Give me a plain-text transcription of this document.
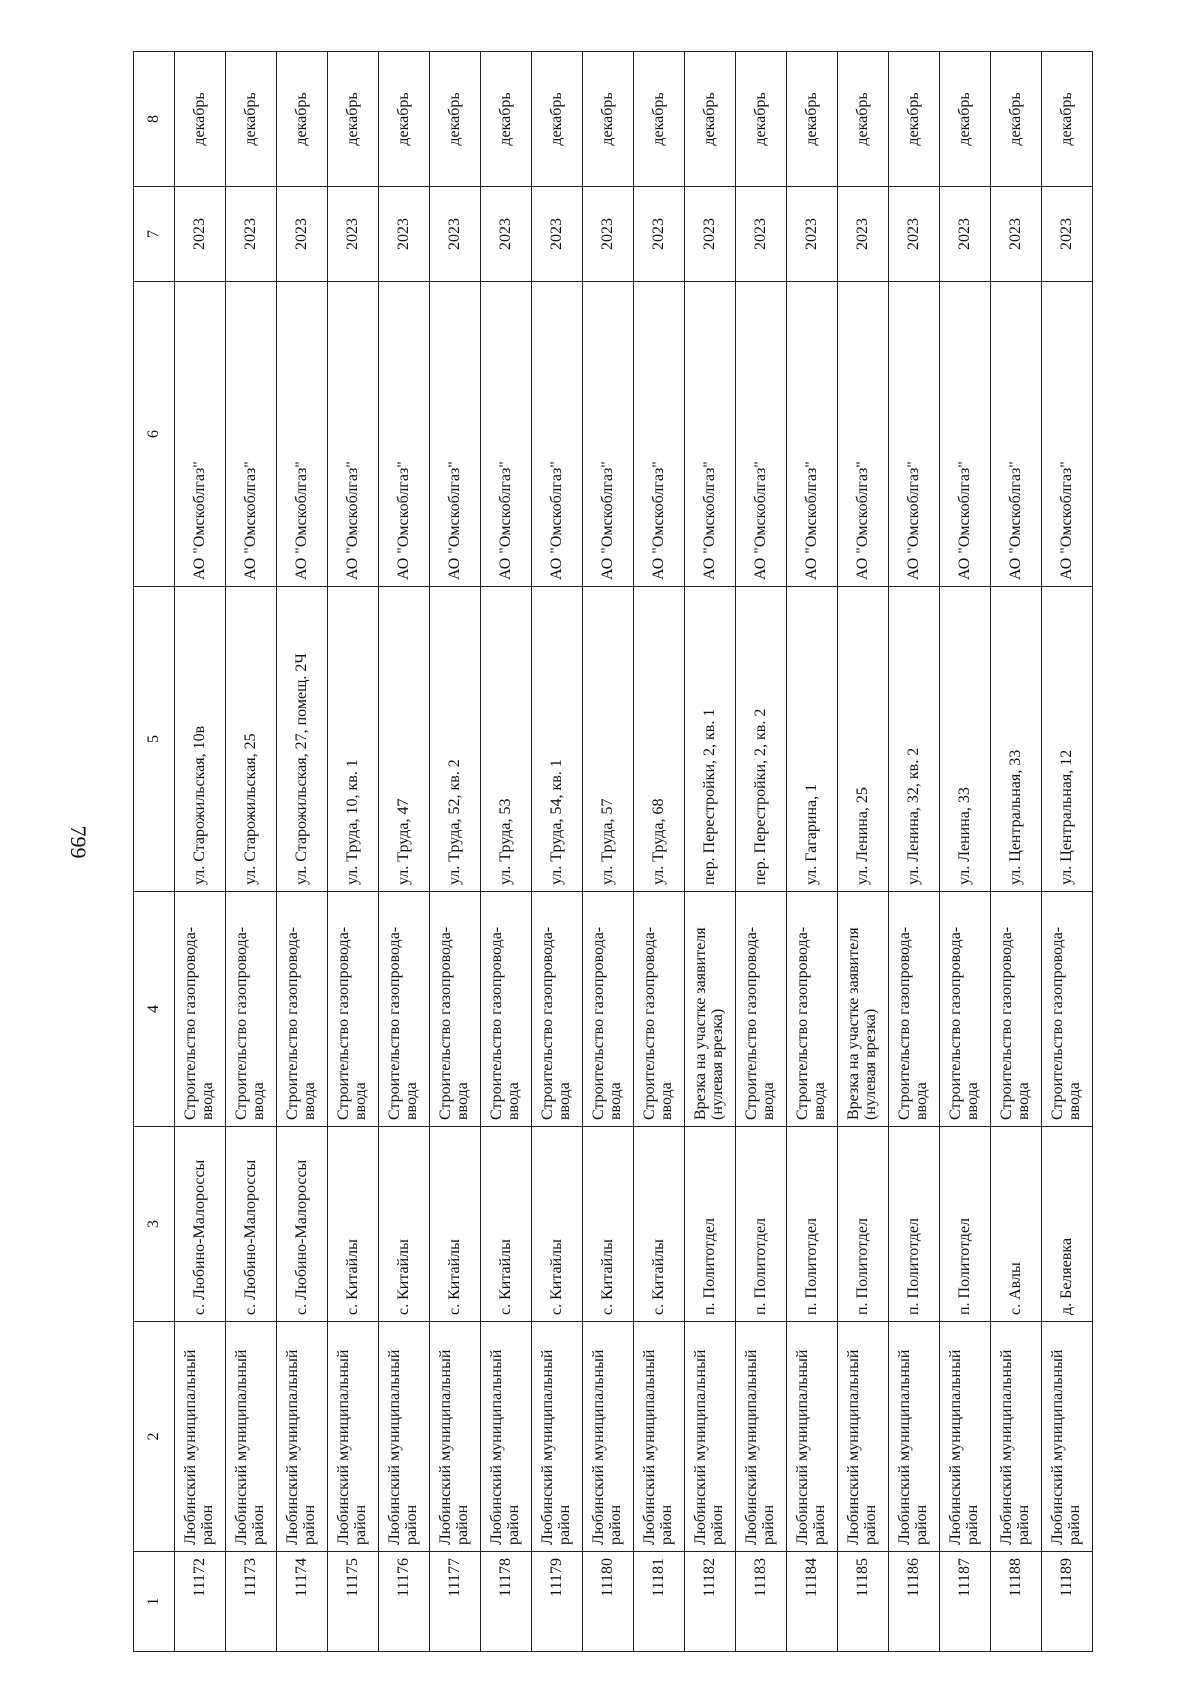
799
1	2	3	4	5	6	7	8
11172	Любинский муниципальный район	с. Любино-Малороссы	Строительство газопровода-ввода	ул. Старожильская, 10в	АО "Омскоблгаз"	2023	декабрь
11173	Любинский муниципальный район	с. Любино-Малороссы	Строительство газопровода-ввода	ул. Старожильская, 25	АО "Омскоблгаз"	2023	декабрь
11174	Любинский муниципальный район	с. Любино-Малороссы	Строительство газопровода-ввода	ул. Старожильская, 27, помещ. 2Ч	АО "Омскоблгаз"	2023	декабрь
11175	Любинский муниципальный район	с. Китайлы	Строительство газопровода-ввода	ул. Труда, 10, кв. 1	АО "Омскоблгаз"	2023	декабрь
11176	Любинский муниципальный район	с. Китайлы	Строительство газопровода-ввода	ул. Труда, 47	АО "Омскоблгаз"	2023	декабрь
11177	Любинский муниципальный район	с. Китайлы	Строительство газопровода-ввода	ул. Труда, 52, кв. 2	АО "Омскоблгаз"	2023	декабрь
11178	Любинский муниципальный район	с. Китайлы	Строительство газопровода-ввода	ул. Труда, 53	АО "Омскоблгаз"	2023	декабрь
11179	Любинский муниципальный район	с. Китайлы	Строительство газопровода-ввода	ул. Труда, 54, кв. 1	АО "Омскоблгаз"	2023	декабрь
11180	Любинский муниципальный район	с. Китайлы	Строительство газопровода-ввода	ул. Труда, 57	АО "Омскоблгаз"	2023	декабрь
11181	Любинский муниципальный район	с. Китайлы	Строительство газопровода-ввода	ул. Труда, 68	АО "Омскоблгаз"	2023	декабрь
11182	Любинский муниципальный район	п. Политотдел	Врезка на участке заявителя (нулевая врезка)	пер. Перестройки, 2, кв. 1	АО "Омскоблгаз"	2023	декабрь
11183	Любинский муниципальный район	п. Политотдел	Строительство газопровода-ввода	пер. Перестройки, 2, кв. 2	АО "Омскоблгаз"	2023	декабрь
11184	Любинский муниципальный район	п. Политотдел	Строительство газопровода-ввода	ул. Гагарина, 1	АО "Омскоблгаз"	2023	декабрь
11185	Любинский муниципальный район	п. Политотдел	Врезка на участке заявителя (нулевая врезка)	ул. Ленина, 25	АО "Омскоблгаз"	2023	декабрь
11186	Любинский муниципальный район	п. Политотдел	Строительство газопровода-ввода	ул. Ленина, 32, кв. 2	АО "Омскоблгаз"	2023	декабрь
11187	Любинский муниципальный район	п. Политотдел	Строительство газопровода-ввода	ул. Ленина, 33	АО "Омскоблгаз"	2023	декабрь
11188	Любинский муниципальный район	с. Авлы	Строительство газопровода-ввода	ул. Центральная, 33	АО "Омскоблгаз"	2023	декабрь
11189	Любинский муниципальный район	д. Беляевка	Строительство газопровода-ввода	ул. Центральная, 12	АО "Омскоблгаз"	2023	декабрь
